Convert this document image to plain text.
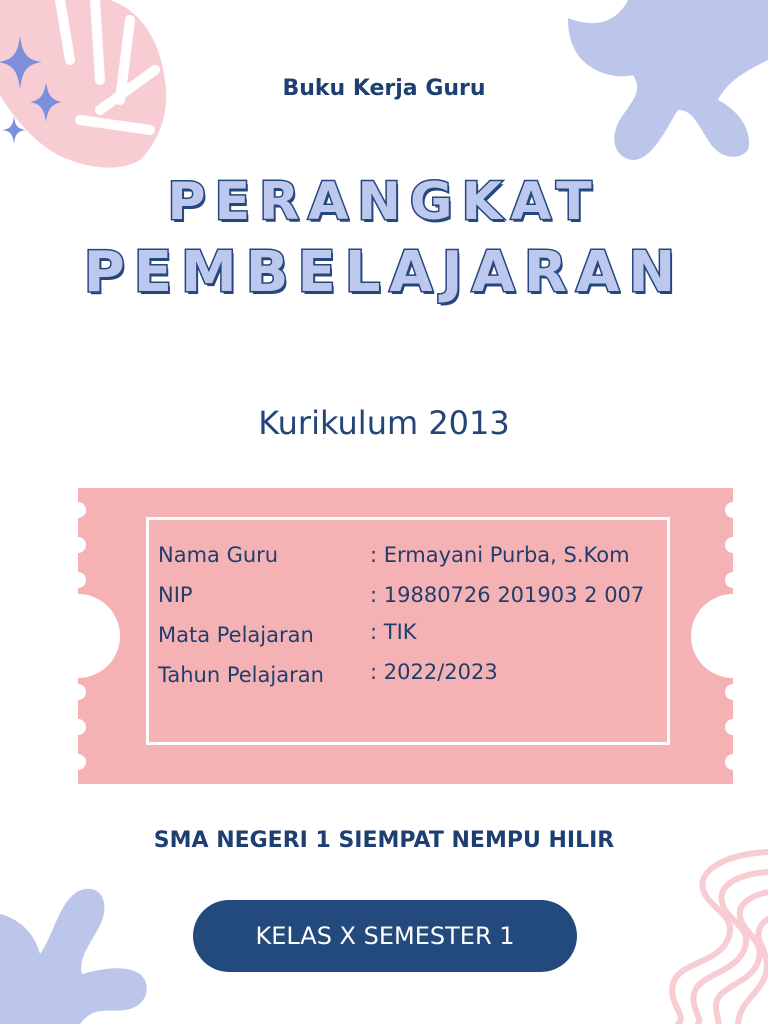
Buku Kerja Guru
PERANGKAT
PEMBELAJARAN
Kurikulum 2013
Nama Guru	: Ermayani Purba, S.Kom
NIP	: 19880726 201903 2 007
Mata Pelajaran	: TIK
Tahun Pelajaran : 2022/2023
SMA NEGERI 1 SIEMPAT NEMPU HILIR
KELAS X SEMESTER 1
